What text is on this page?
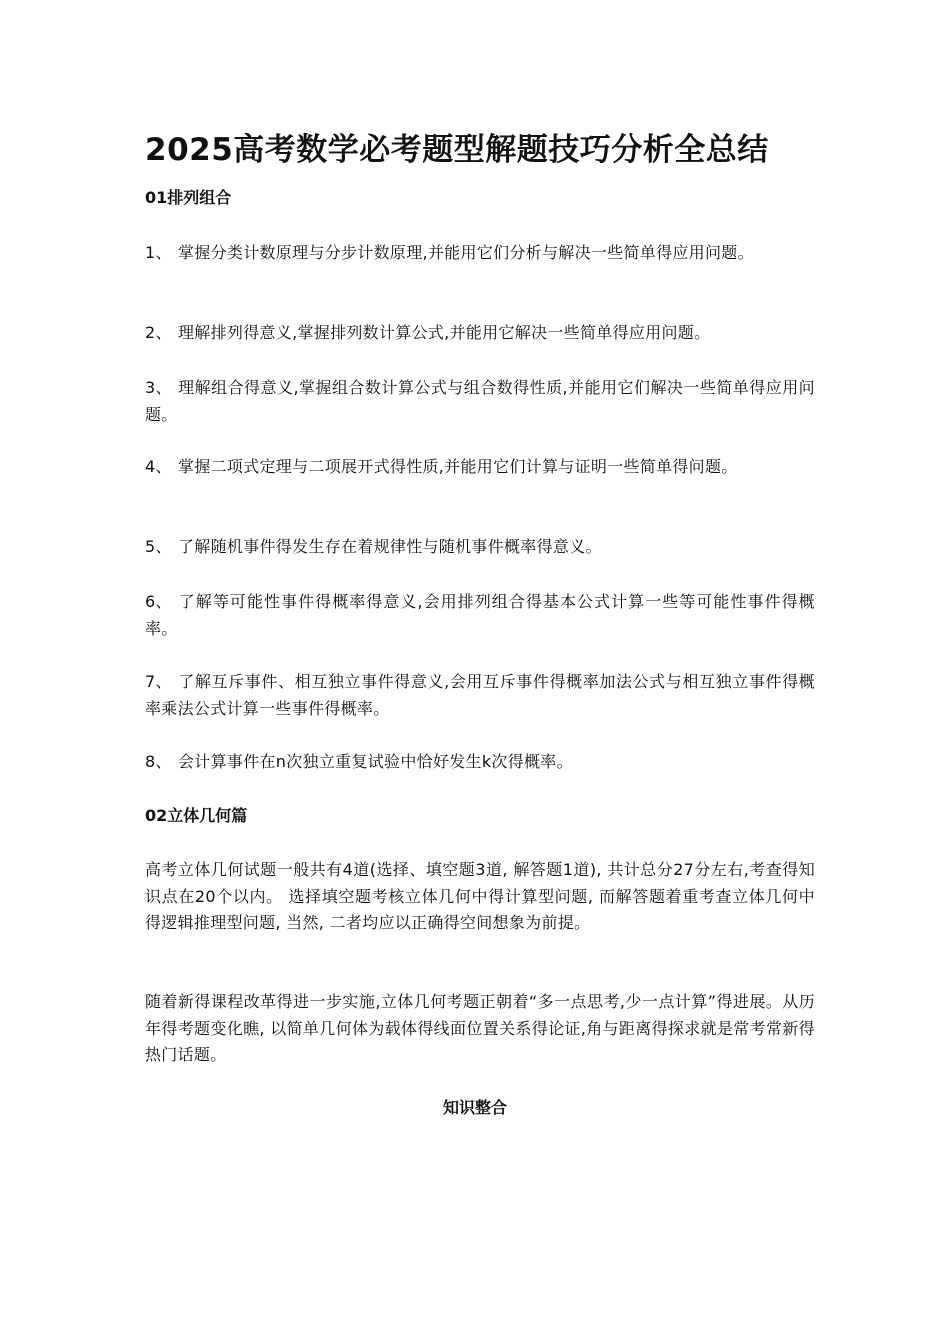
2025高考数学必考题型解题技巧分析全总结
01排列组合

1、 掌握分类计数原理与分步计数原理,并能用它们分析与解决一些简单得应用问题。

2、 理解排列得意义,掌握排列数计算公式,并能用它解决一些简单得应用问题。

3、 理解组合得意义,掌握组合数计算公式与组合数得性质,并能用它们解决一些简单得应用问题。

4、 掌握二项式定理与二项展开式得性质,并能用它们计算与证明一些简单得问题。

5、 了解随机事件得发生存在着规律性与随机事件概率得意义。

6、 了解等可能性事件得概率得意义,会用排列组合得基本公式计算一些等可能性事件得概率。

7、 了解互斥事件、相互独立事件得意义,会用互斥事件得概率加法公式与相互独立事件得概率乘法公式计算一些事件得概率。

8、 会计算事件在n次独立重复试验中恰好发生k次得概率。

02立体几何篇

高考立体几何试题一般共有4道(选择、填空题3道, 解答题1道), 共计总分27分左右,考查得知识点在20个以内。 选择填空题考核立体几何中得计算型问题, 而解答题着重考查立体几何中得逻辑推理型问题, 当然, 二者均应以正确得空间想象为前提。

随着新得课程改革得进一步实施,立体几何考题正朝着“多一点思考,少一点计算”得进展。从历年得考题变化瞧, 以简单几何体为载体得线面位置关系得论证,角与距离得探求就是常考常新得热门话题。

知识整合
